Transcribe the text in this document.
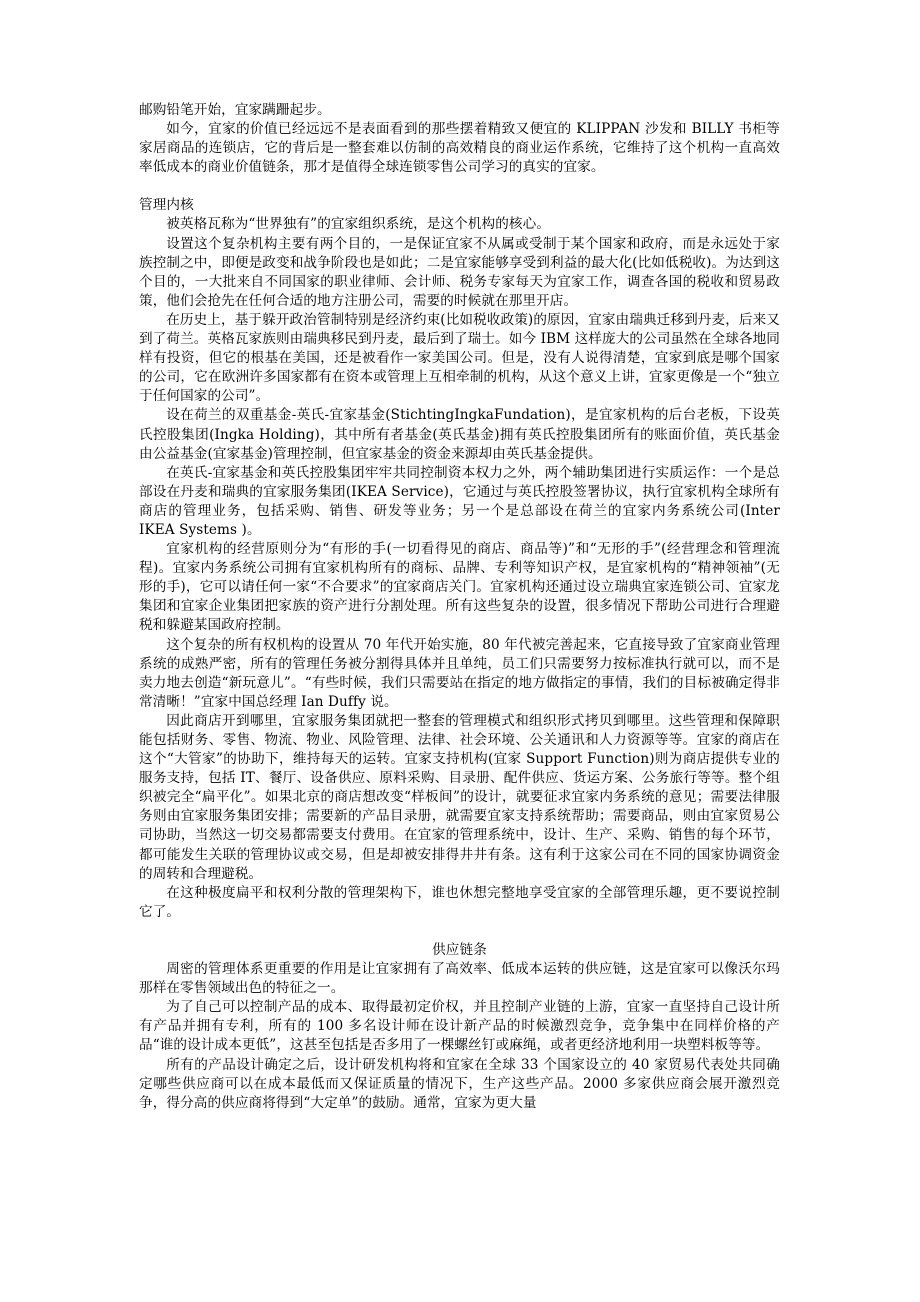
邮购铅笔开始，宜家蹒跚起步。

如今，宜家的价值已经远远不是表面看到的那些摆着精致又便宜的 KLIPPAN 沙发和 BILLY 书柜等家居商品的连锁店，它的背后是一整套难以仿制的高效精良的商业运作系统，它维持了这个机构一直高效率低成本的商业价值链条，那才是值得全球连锁零售公司学习的真实的宜家。

管理内核

被英格瓦称为“世界独有”的宜家组织系统，是这个机构的核心。

设置这个复杂机构主要有两个目的，一是保证宜家不从属或受制于某个国家和政府，而是永远处于家族控制之中，即便是政变和战争阶段也是如此；二是宜家能够享受到利益的最大化(比如低税收)。为达到这个目的，一大批来自不同国家的职业律师、会计师、税务专家每天为宜家工作，调查各国的税收和贸易政策，他们会抢先在任何合适的地方注册公司，需要的时候就在那里开店。

在历史上，基于躲开政治管制特别是经济约束(比如税收政策)的原因，宜家由瑞典迁移到丹麦，后来又到了荷兰。英格瓦家族则由瑞典移民到丹麦，最后到了瑞士。如今 IBM 这样庞大的公司虽然在全球各地同样有投资，但它的根基在美国，还是被看作一家美国公司。但是，没有人说得清楚，宜家到底是哪个国家的公司，它在欧洲许多国家都有在资本或管理上互相牵制的机构，从这个意义上讲，宜家更像是一个“独立于任何国家的公司”。

设在荷兰的双重基金-英氏-宜家基金(StichtingIngkaFundation)，是宜家机构的后台老板，下设英氏控股集团(Ingka Holding)，其中所有者基金(英氏基金)拥有英氏控股集团所有的账面价值，英氏基金由公益基金(宜家基金)管理控制，但宜家基金的资金来源却由英氏基金提供。

在英氏-宜家基金和英氏控股集团牢牢共同控制资本权力之外，两个辅助集团进行实质运作：一个是总部设在丹麦和瑞典的宜家服务集团(IKEA Service)，它通过与英氏控股签署协议，执行宜家机构全球所有商店的管理业务，包括采购、销售、研发等业务；另一个是总部设在荷兰的宜家内务系统公司(Inter IKEA Systems )。

宜家机构的经营原则分为“有形的手(一切看得见的商店、商品等)”和“无形的手”(经营理念和管理流程)。宜家内务系统公司拥有宜家机构所有的商标、品牌、专利等知识产权，是宜家机构的“精神领袖”(无形的手)，它可以请任何一家“不合要求”的宜家商店关门。宜家机构还通过设立瑞典宜家连锁公司、宜家龙集团和宜家企业集团把家族的资产进行分割处理。所有这些复杂的设置，很多情况下帮助公司进行合理避税和躲避某国政府控制。

这个复杂的所有权机构的设置从 70 年代开始实施，80 年代被完善起来，它直接导致了宜家商业管理系统的成熟严密，所有的管理任务被分割得具体并且单纯，员工们只需要努力按标准执行就可以，而不是卖力地去创造“新玩意儿”。“有些时候，我们只需要站在指定的地方做指定的事情，我们的目标被确定得非常清晰！”宜家中国总经理 Ian Duffy 说。

因此商店开到哪里，宜家服务集团就把一整套的管理模式和组织形式拷贝到哪里。这些管理和保障职能包括财务、零售、物流、物业、风险管理、法律、社会环境、公关通讯和人力资源等等。宜家的商店在这个“大管家”的协助下，维持每天的运转。宜家支持机构(宜家 Support Function)则为商店提供专业的服务支持，包括 IT、餐厅、设备供应、原料采购、目录册、配件供应、货运方案、公务旅行等等。整个组织被完全“扁平化”。如果北京的商店想改变“样板间”的设计，就要征求宜家内务系统的意见；需要法律服务则由宜家服务集团安排；需要新的产品目录册，就需要宜家支持系统帮助；需要商品，则由宜家贸易公司协助，当然这一切交易都需要支付费用。在宜家的管理系统中，设计、生产、采购、销售的每个环节，都可能发生关联的管理协议或交易，但是却被安排得井井有条。这有利于这家公司在不同的国家协调资金的周转和合理避税。

在这种极度扁平和权利分散的管理架构下，谁也休想完整地享受宜家的全部管理乐趣，更不要说控制它了。

供应链条

周密的管理体系更重要的作用是让宜家拥有了高效率、低成本运转的供应链，这是宜家可以像沃尔玛那样在零售领域出色的特征之一。

为了自己可以控制产品的成本、取得最初定价权，并且控制产业链的上游，宜家一直坚持自己设计所有产品并拥有专利，所有的 100 多名设计师在设计新产品的时候激烈竞争，竞争集中在同样价格的产品“谁的设计成本更低”，这甚至包括是否多用了一棵螺丝钉或麻绳，或者更经济地利用一块塑料板等等。

所有的产品设计确定之后，设计研发机构将和宜家在全球 33 个国家设立的 40 家贸易代表处共同确定哪些供应商可以在成本最低而又保证质量的情况下，生产这些产品。2000 多家供应商会展开激烈竞争，得分高的供应商将得到“大定单”的鼓励。通常，宜家为更大量
